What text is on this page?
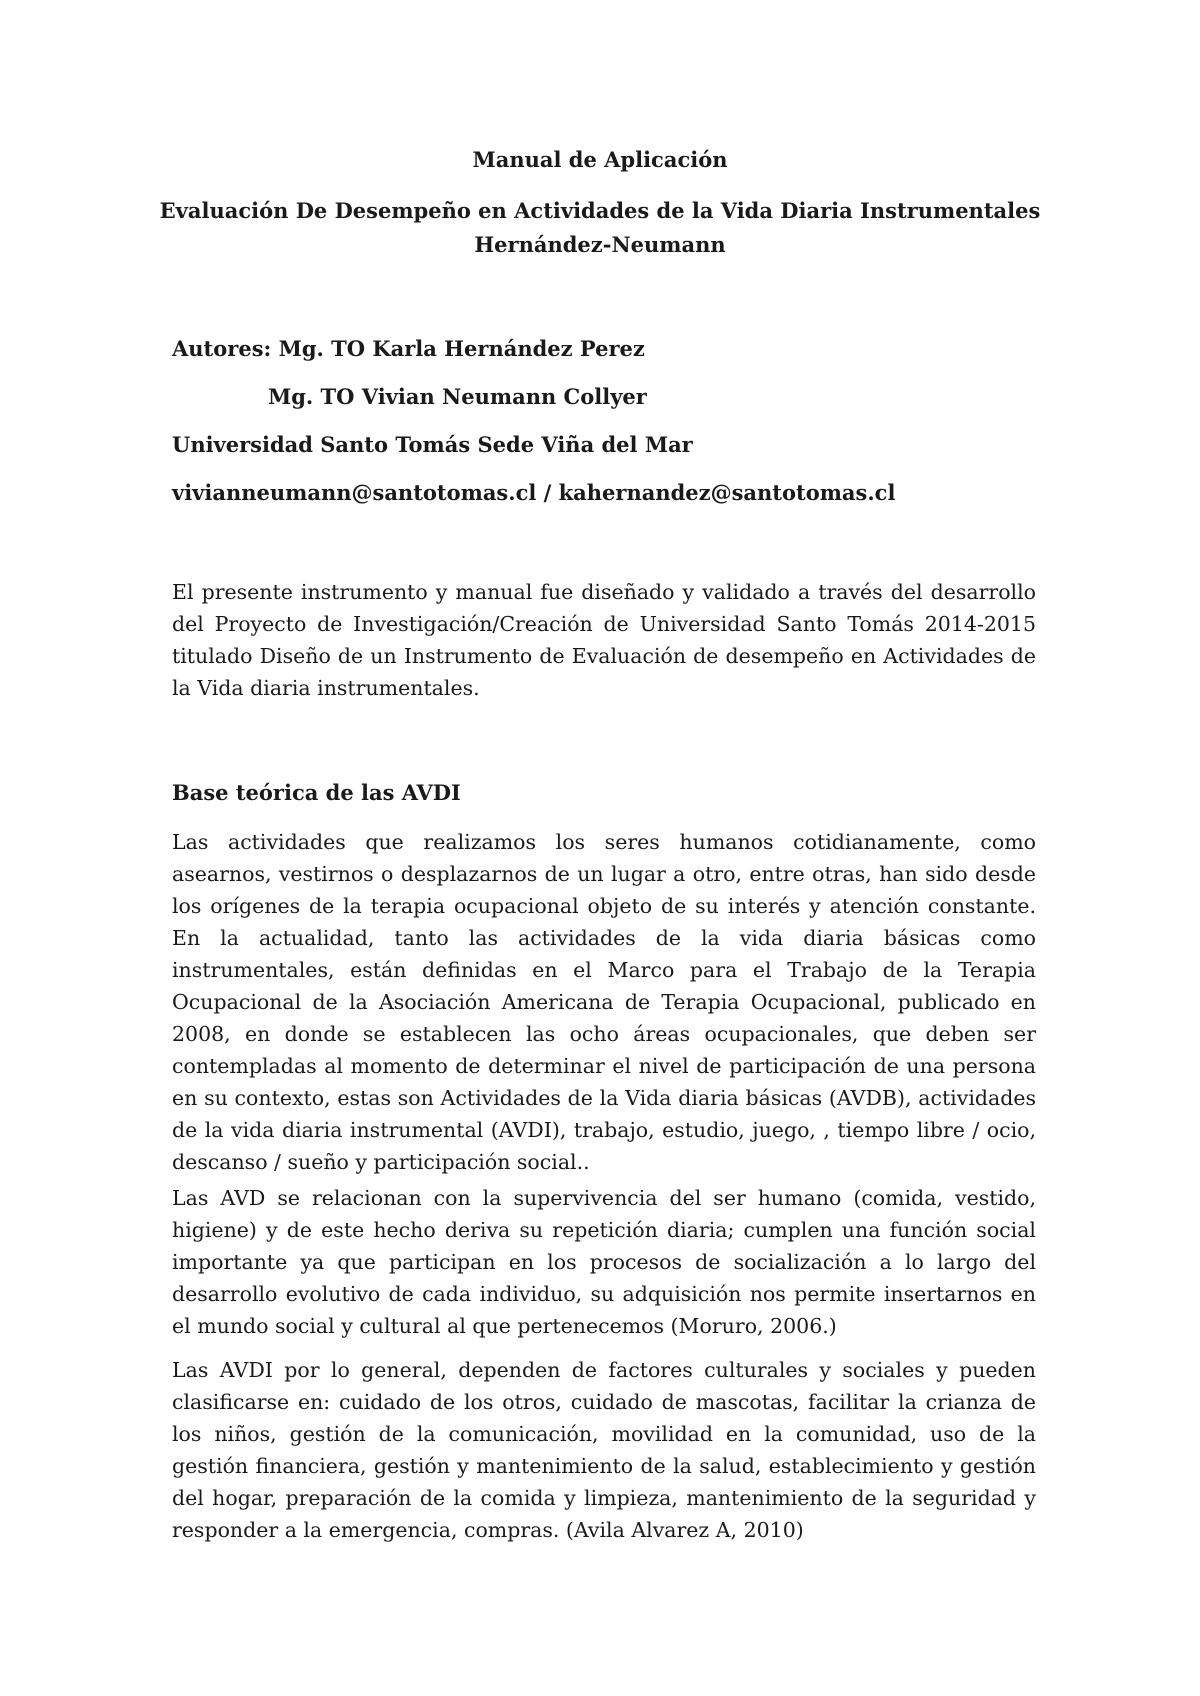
Manual de Aplicación

Evaluación De Desempeño en Actividades de la Vida Diaria Instrumentales

Hernández-Neumann

Autores: Mg. TO Karla Hernández Perez

Mg. TO Vivian Neumann Collyer

Universidad Santo Tomás Sede Viña del Mar

vivianneumann@santotomas.cl / kahernandez@santotomas.cl

El presente instrumento y manual fue diseñado y validado a través del desarrollo del Proyecto de Investigación/Creación de Universidad Santo Tomás 2014-2015 titulado Diseño de un Instrumento de Evaluación de desempeño en Actividades de la Vida diaria instrumentales.

Base teórica de las AVDI

Las actividades que realizamos los seres humanos cotidianamente, como asearnos, vestirnos o desplazarnos de un lugar a otro, entre otras, han sido desde los orígenes de la terapia ocupacional objeto de su interés y atención constante. En la actualidad, tanto las actividades de la vida diaria básicas como instrumentales, están definidas en el Marco para el Trabajo de la Terapia Ocupacional de la Asociación Americana de Terapia Ocupacional, publicado en 2008, en donde se establecen las ocho áreas ocupacionales, que deben ser contempladas al momento de determinar el nivel de participación de una persona en su contexto, estas son Actividades de la Vida diaria básicas (AVDB), actividades de la vida diaria instrumental (AVDI), trabajo, estudio, juego, , tiempo libre / ocio, descanso / sueño y participación social..

Las AVD se relacionan con la supervivencia del ser humano (comida, vestido, higiene) y de este hecho deriva su repetición diaria; cumplen una función social importante ya que participan en los procesos de socialización a lo largo del desarrollo evolutivo de cada individuo, su adquisición nos permite insertarnos en el mundo social y cultural al que pertenecemos (Moruro, 2006.)

Las AVDI por lo general, dependen de factores culturales y sociales y pueden clasificarse en: cuidado de los otros, cuidado de mascotas, facilitar la crianza de los niños, gestión de la comunicación, movilidad en la comunidad, uso de la gestión financiera, gestión y mantenimiento de la salud, establecimiento y gestión del hogar, preparación de la comida y limpieza, mantenimiento de la seguridad y responder a la emergencia, compras. (Avila Alvarez A, 2010)
